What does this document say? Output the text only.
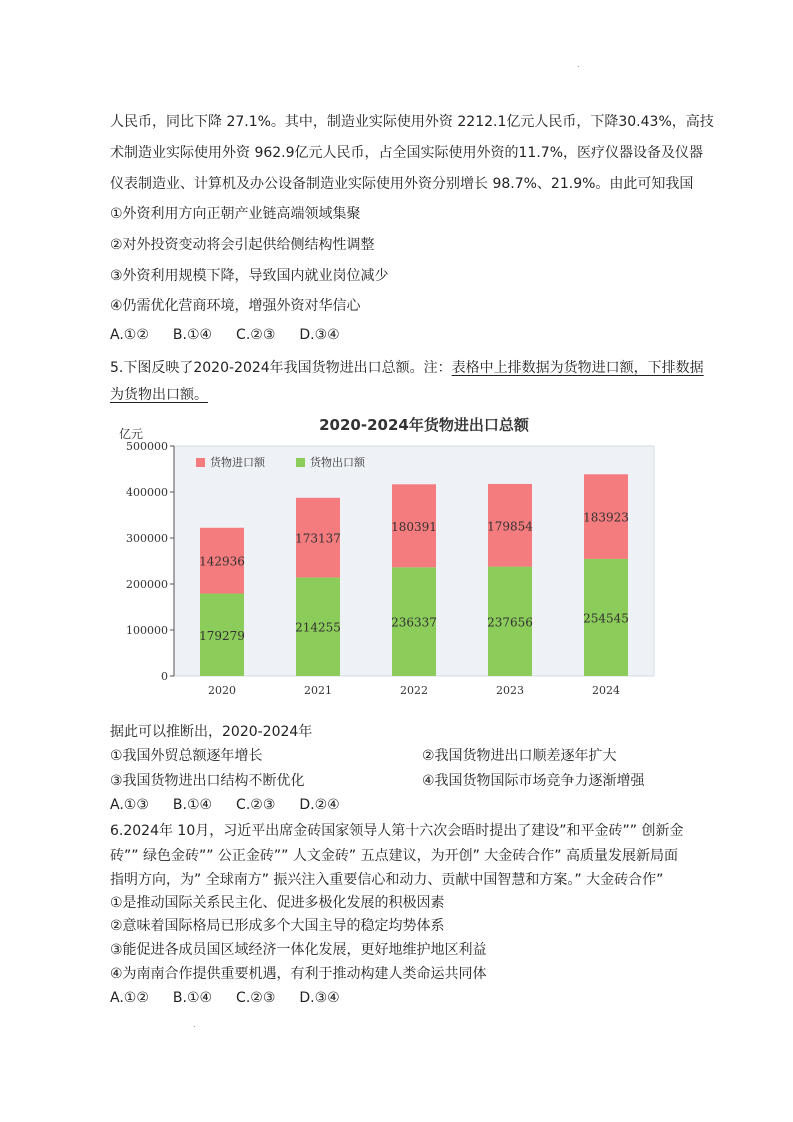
.
人民币，同比下降 27.1%。其中，制造业实际使用外资 2212.1亿元人民币，下降30.43%，高技
术制造业实际使用外资 962.9亿元人民币，占全国实际使用外资的11.7%，医疗仪器设备及仪器
仪表制造业、计算机及办公设备制造业实际使用外资分别增长 98.7%、21.9%。由此可知我国
①外资利用方向正朝产业链高端领域集聚
②对外投资变动将会引起供给侧结构性调整
③外资利用规模下降，导致国内就业岗位减少
④仍需优化营商环境，增强外资对华信心
A.①② B.①④ C.②③ D.③④
5.下图反映了2020-2024年我国货物进出口总额。注：表格中上排数据为货物进口额，下排数据
为货物出口额。
2020-2024年货物进出口总额
亿元
0
100000
200000
300000
400000
500000
179279
142936
2020
214255
173137
2021
236337
180391
2022
237656
179854
2023
254545
183923
2024
货物进口额	货物出口额
据此可以推断出，2020-2024年
①我国外贸总额逐年增长	②我国货物进出口顺差逐年扩大
③我国货物进出口结构不断优化	④我国货物国际市场竞争力逐渐增强
A.①③ B.①④ C.②③ D.②④
6.2024年 10月，习近平出席金砖国家领导人第十六次会晤时提出了建设”和平金砖”” 创新金
砖”” 绿色金砖”” 公正金砖”” 人文金砖” 五点建议，为开创” 大金砖合作” 高质量发展新局面
指明方向，为” 全球南方” 振兴注入重要信心和动力、贡献中国智慧和方案。” 大金砖合作”
①是推动国际关系民主化、促进多极化发展的积极因素
②意味着国际格局已形成多个大国主导的稳定均势体系
③能促进各成员国区域经济一体化发展，更好地维护地区利益
④为南南合作提供重要机遇，有利于推动构建人类命运共同体
A.①② B.①④ C.②③ D.③④
.
